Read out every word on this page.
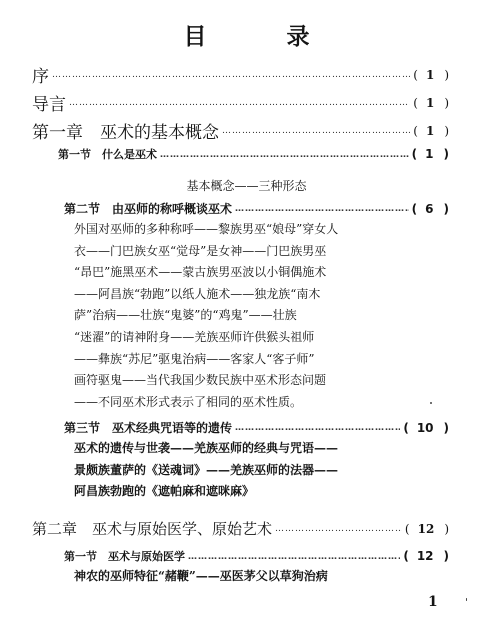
目 录
序 …………………………………………………………………………………………………………………………………………………………………	( 1 )
导言 …………………………………………………………………………………………………………………………………………………………………	( 1 )
第一章　巫术的基本概念 …………………………………………………………………………………………………………………………………………………………………	( 1 )
第一节　什么是巫术 …………………………………………………………………………………………………………………………………………………………………	( 1 )
基本概念——三种形态
第二节　由巫师的称呼概谈巫术 …………………………………………………………………………………………………………………………………………………………………	( 6 )
外国对巫师的多种称呼——黎族男巫“娘母”穿女人
衣——门巴族女巫“觉母”是女神——门巴族男巫
“昂巴”施黑巫术——蒙古族男巫波以小铜偶施术
——阿昌族“勃跑”以纸人施术——独龙族“南木
萨”治病——壮族“鬼婆”的“鸡鬼”——壮族
“迷濯”的请神附身——羌族巫师许供猴头祖师
——彝族“苏尼”驱鬼治病——客家人“客子师”
画符驱鬼——当代我国少数民族中巫术形态问题
——不同巫术形式表示了相同的巫术性质。
第三节　巫术经典咒语等的遗传 …………………………………………………………………………………………………………………………………………………………………	( 10 )
巫术的遗传与世袭——羌族巫师的经典与咒语——
景颇族董萨的《送魂词》——羌族巫师的法器——
阿昌族勃跑的《遮帕麻和遮咪麻》
第二章　巫术与原始医学、原始艺术 …………………………………………………………………………………………………………………………………………………………………	( 12 )
第一节　巫术与原始医学 …………………………………………………………………………………………………………………………………………………………………	( 12 )
神农的巫师特征“赭鞭”——巫医茅父以草狗治病
1
